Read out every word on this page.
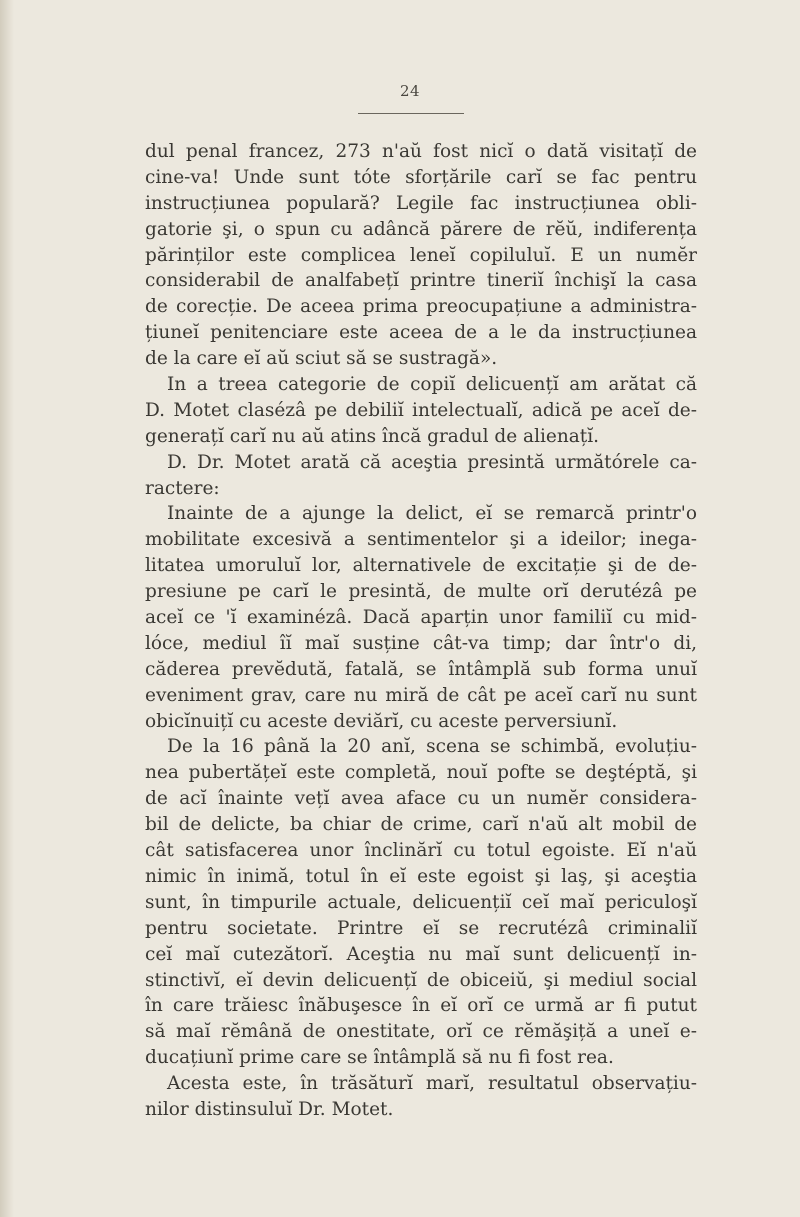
24
dul penal francez, 273 n'aŭ fost nicĭ o dată visitațĭ de
cine-va! Unde sunt tóte sforțările carĭ se fac pentru
instrucțiunea populară? Legile fac instrucțiunea obli-
gatorie şi, o spun cu adâncă părere de rĕŭ, indiferența
părinților este complicea leneĭ copiluluĭ. E un numĕr
considerabil de analfabețĭ printre tineriĭ închişĭ la casa
de corecție. De aceea prima preocupațiune a administra-
țiuneĭ penitenciare este aceea de a le da instrucțiunea
de la care eĭ aŭ sciut să se sustragă».
In a treea categorie de copiĭ delicuențĭ am arătat că
D. Motet clasézâ pe debiliĭ intelectualĭ, adică pe aceĭ de-
generațĭ carĭ nu aŭ atins încă gradul de alienațĭ.
D. Dr. Motet arată că aceştia presintă următórele ca-
ractere:
Inainte de a ajunge la delict, eĭ se remarcă printr'o
mobilitate excesivă a sentimentelor şi a ideilor; inega-
litatea umoruluĭ lor, alternativele de excitație şi de de-
presiune pe carĭ le presintă, de multe orĭ derutézâ pe
aceĭ ce 'ĭ examinézâ. Dacă aparțin unor familiĭ cu mid-
lóce, mediul îĭ maĭ susține cât-va timp; dar într'o di,
căderea prevĕdută, fatală, se întâmplă sub forma unuĭ
eveniment grav, care nu miră de cât pe aceĭ carĭ nu sunt
obicĭnuițĭ cu aceste deviărĭ, cu aceste perversiunĭ.
De la 16 până la 20 anĭ, scena se schimbă, evoluțiu-
nea pubertățeĭ este completă, nouĭ pofte se deştéptă, şi
de acĭ înainte vețĭ avea aface cu un numĕr considera-
bil de delicte, ba chiar de crime, carĭ n'aŭ alt mobil de
cât satisfacerea unor înclinărĭ cu totul egoiste. Eĭ n'aŭ
nimic în inimă, totul în eĭ este egoist şi laş, şi aceştia
sunt, în timpurile actuale, delicuențiĭ ceĭ maĭ periculoşĭ
pentru societate. Printre eĭ se recrutézâ criminaliĭ
ceĭ maĭ cutezătorĭ. Aceştia nu maĭ sunt delicuențĭ in-
stinctivĭ, eĭ devin delicuențĭ de obiceiŭ, şi mediul social
în care trăiesc înăbuşesce în eĭ orĭ ce urmă ar fi putut
să maĭ rĕmână de onestitate, orĭ ce rĕmăşiță a uneĭ e-
ducațiunĭ prime care se întâmplă să nu fi fost rea.
Acesta este, în trăsăturĭ marĭ, resultatul observațiu-
nilor distinsuluĭ Dr. Motet.
